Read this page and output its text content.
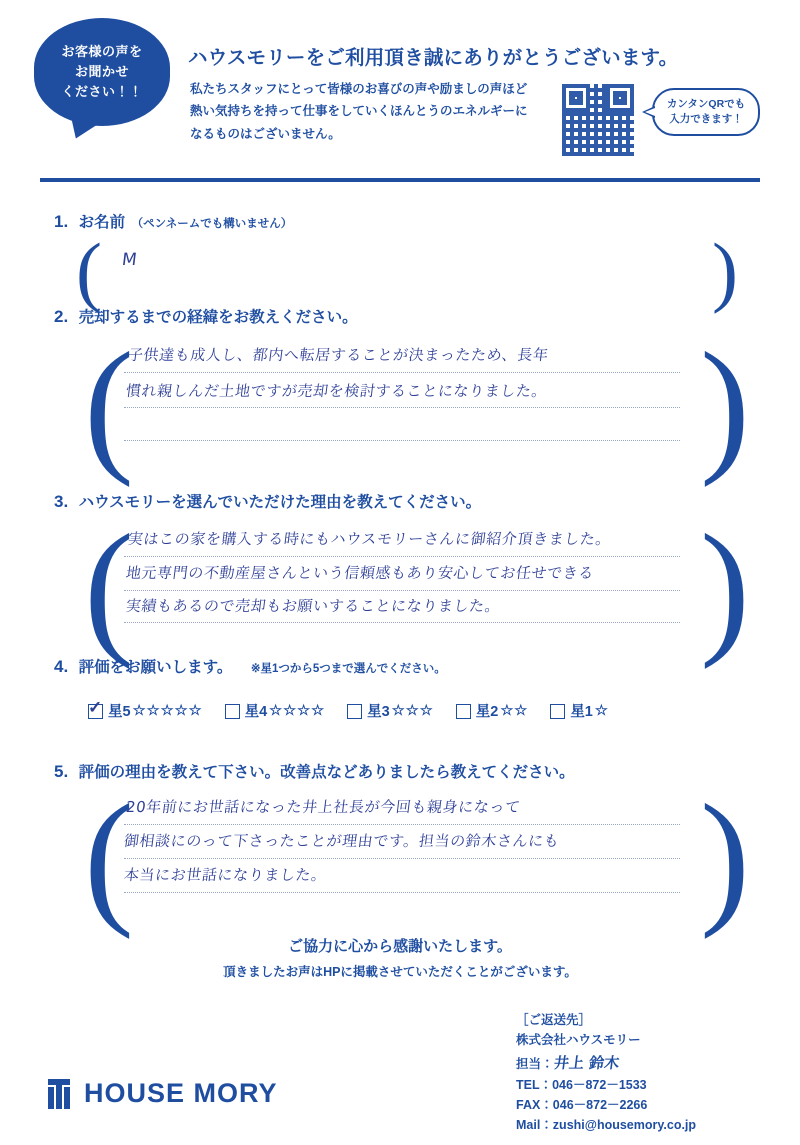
お客様の声を
お聞かせ
ください！！
ハウスモリーをご利用頂き誠にありがとうございます。
私たちスタッフにとって皆様のお喜びの声や励ましの声ほど
熱い気持ちを持って仕事をしていくほんとうのエネルギーに
なるものはございません。
カンタンQRでも
入力できます！
1. お名前 （ペンネームでも構いません）
(	)
M
2. 売却するまでの経緯をお教えください。
(	)
子供達も成人し、都内へ転居することが決まったため、長年
慣れ親しんだ土地ですが売却を検討することになりました。
3. ハウスモリーを選んでいただけた理由を教えてください。
(	)
実はこの家を購入する時にもハウスモリーさんに御紹介頂きました。
地元専門の不動産屋さんという信頼感もあり安心してお任せできる
実績もあるので売却もお願いすることになりました。
4. 評価をお願いします。 ※星1つから5つまで選んでください。
✓
星5 ☆☆☆☆☆	星4 ☆☆☆☆	星3 ☆☆☆	星2 ☆☆	星1 ☆
5. 評価の理由を教えて下さい。改善点などありましたら教えてください。
(	)
20年前にお世話になった井上社長が今回も親身になって
御相談にのって下さったことが理由です。担当の鈴木さんにも
本当にお世話になりました。
ご協力に心から感謝いたします。
頂きましたお声はHPに掲載させていただくことがございます。
［ご返送先］
株式会社ハウスモリー
担当：井上 鈴木
TEL：046－872－1533
FAX：046－872－2266
Mail：zushi@housemory.co.jp
HOUSE MORY
